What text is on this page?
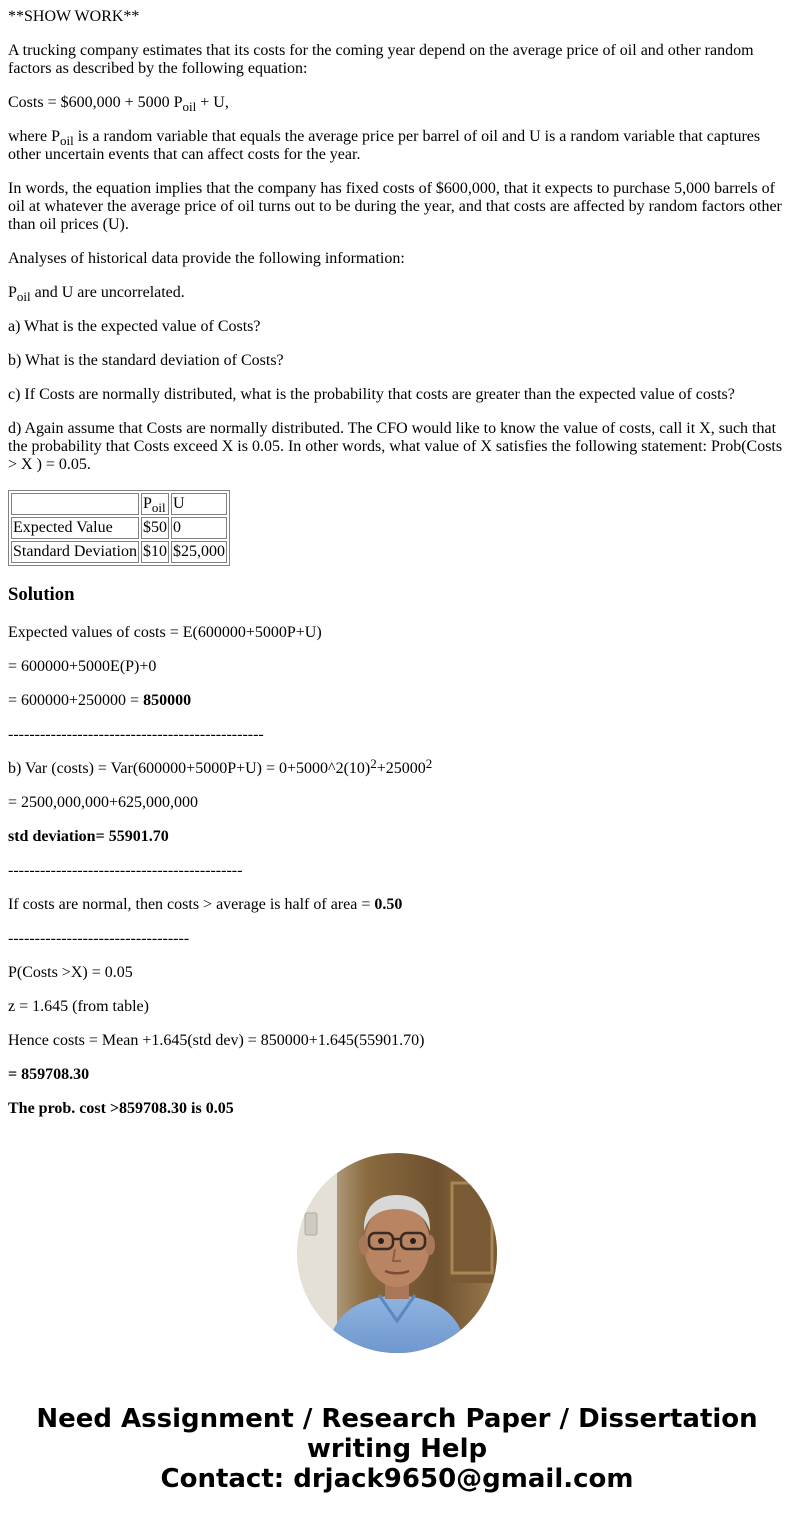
**SHOW WORK**

A trucking company estimates that its costs for the coming year depend on the average price of oil and other random factors as described by the following equation:

Costs = $600,000 + 5000 $P_{oil} + U$,

where $P_{oil}$ is a random variable that equals the average price per barrel of oil and U is a random variable that captures other uncertain events that can affect costs for the year.

In words, the equation implies that the company has fixed costs of $600,000, that it expects to purchase 5,000 barrels of oil at whatever the average price of oil turns out to be during the year, and that costs are affected by random factors other than oil prices (U).

Analyses of historical data provide the following information:

$P_{oil}$ and U are uncorrelated.

a) What is the expected value of Costs?

b) What is the standard deviation of Costs?

c) If Costs are normally distributed, what is the probability that costs are greater than the expected value of costs?

d) Again assume that Costs are normally distributed. The CFO would like to know the value of costs, call it X, such that the probability that Costs exceed X is 0.05. In other words, what value of X satisfies the following statement: Prob(Costs > X ) = 0.05.

	$P_{oil}$	U
Expected Value	$50	0
Standard Deviation	$10	$25,000
Solution

Expected values of costs = E(600000+5000P+U)

= 600000+5000E(P)+0

= 600000+250000 = 850000

------------------------------------------------

b) Var (costs) = $Var(600000+5000P+U) = 0+5000\^{}2(10)^2+25000^2$

= 2500,000,000+625,000,000

std deviation= 55901.70

--------------------------------------------

If costs are normal, then costs > average is half of area = 0.50

----------------------------------

P(Costs >X) = 0.05

z = 1.645 (from table)

Hence costs = Mean +1.645(std dev) = 850000+1.645(55901.70)

= 859708.30

The prob. cost >859708.30 is 0.05

Need Assignment / Research Paper / Dissertation
writing Help
Contact: drjack9650@gmail.com
